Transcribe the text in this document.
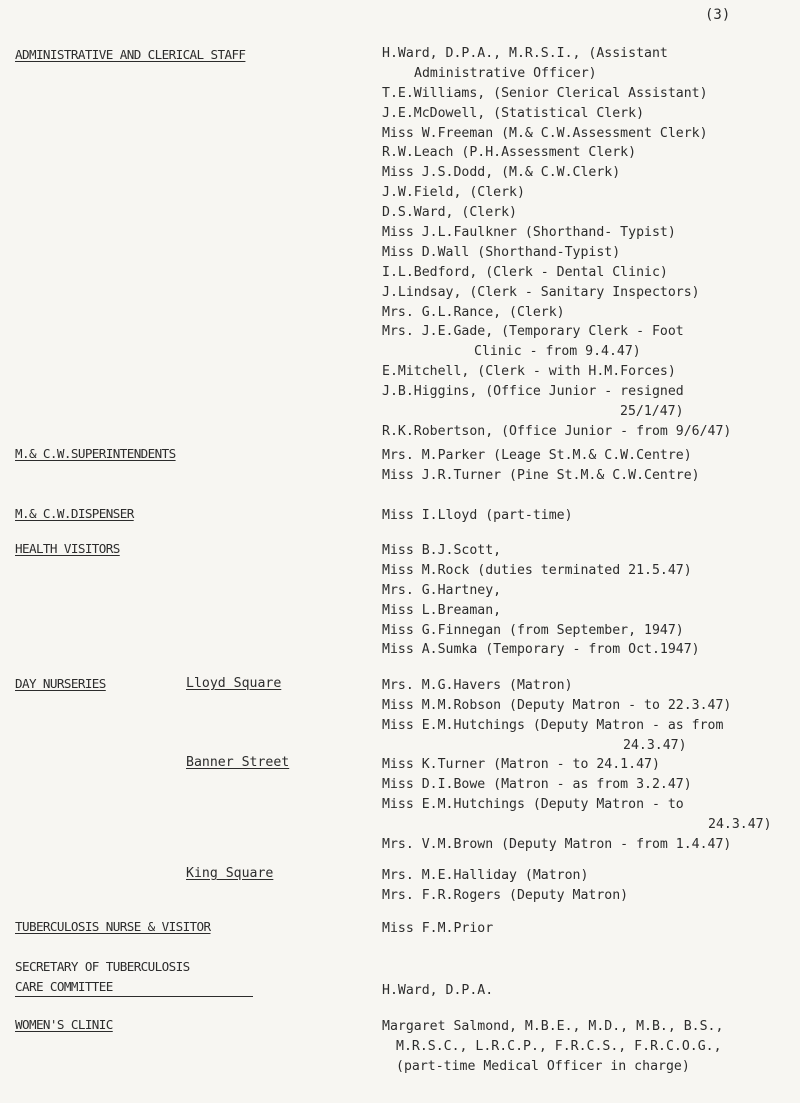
(3)
ADMINISTRATIVE AND CLERICAL STAFF	H.Ward, D.P.A., M.R.S.I., (Assistant
Administrative Officer)
T.E.Williams, (Senior Clerical Assistant)
J.E.McDowell, (Statistical Clerk)
Miss W.Freeman (M.& C.W.Assessment Clerk)
R.W.Leach (P.H.Assessment Clerk)
Miss J.S.Dodd, (M.& C.W.Clerk)
J.W.Field, (Clerk)
D.S.Ward, (Clerk)
Miss J.L.Faulkner (Shorthand- Typist)
Miss D.Wall (Shorthand-Typist)
I.L.Bedford, (Clerk - Dental Clinic)
J.Lindsay, (Clerk - Sanitary Inspectors)
Mrs. G.L.Rance, (Clerk)
Mrs. J.E.Gade, (Temporary Clerk - Foot
Clinic - from 9.4.47)
E.Mitchell, (Clerk - with H.M.Forces)
J.B.Higgins, (Office Junior - resigned
25/1/47)
R.K.Robertson, (Office Junior - from 9/6/47)
M.& C.W.SUPERINTENDENTS	Mrs. M.Parker (Leage St.M.& C.W.Centre)
Miss J.R.Turner (Pine St.M.& C.W.Centre)
M.& C.W.DISPENSER	Miss I.Lloyd (part-time)
HEALTH VISITORS	Miss B.J.Scott,
Miss M.Rock (duties terminated 21.5.47)
Mrs. G.Hartney,
Miss L.Breaman,
Miss G.Finnegan (from September, 1947)
Miss A.Sumka (Temporary - from Oct.1947)
DAY NURSERIES	Lloyd Square	Mrs. M.G.Havers (Matron)
Miss M.M.Robson (Deputy Matron - to 22.3.47)
Miss E.M.Hutchings (Deputy Matron - as from
24.3.47)
Banner Street	Miss K.Turner (Matron - to 24.1.47)
Miss D.I.Bowe (Matron - as from 3.2.47)
Miss E.M.Hutchings (Deputy Matron - to
24.3.47)
Mrs. V.M.Brown (Deputy Matron - from 1.4.47)
King Square	Mrs. M.E.Halliday (Matron)
Mrs. F.R.Rogers (Deputy Matron)
TUBERCULOSIS NURSE & VISITOR	Miss F.M.Prior
SECRETARY OF TUBERCULOSIS
CARE COMMITTEE	H.Ward, D.P.A.
WOMEN'S CLINIC	Margaret Salmond, M.B.E., M.D., M.B., B.S.,
M.R.S.C., L.R.C.P., F.R.C.S., F.R.C.O.G.,
(part-time Medical Officer in charge)
